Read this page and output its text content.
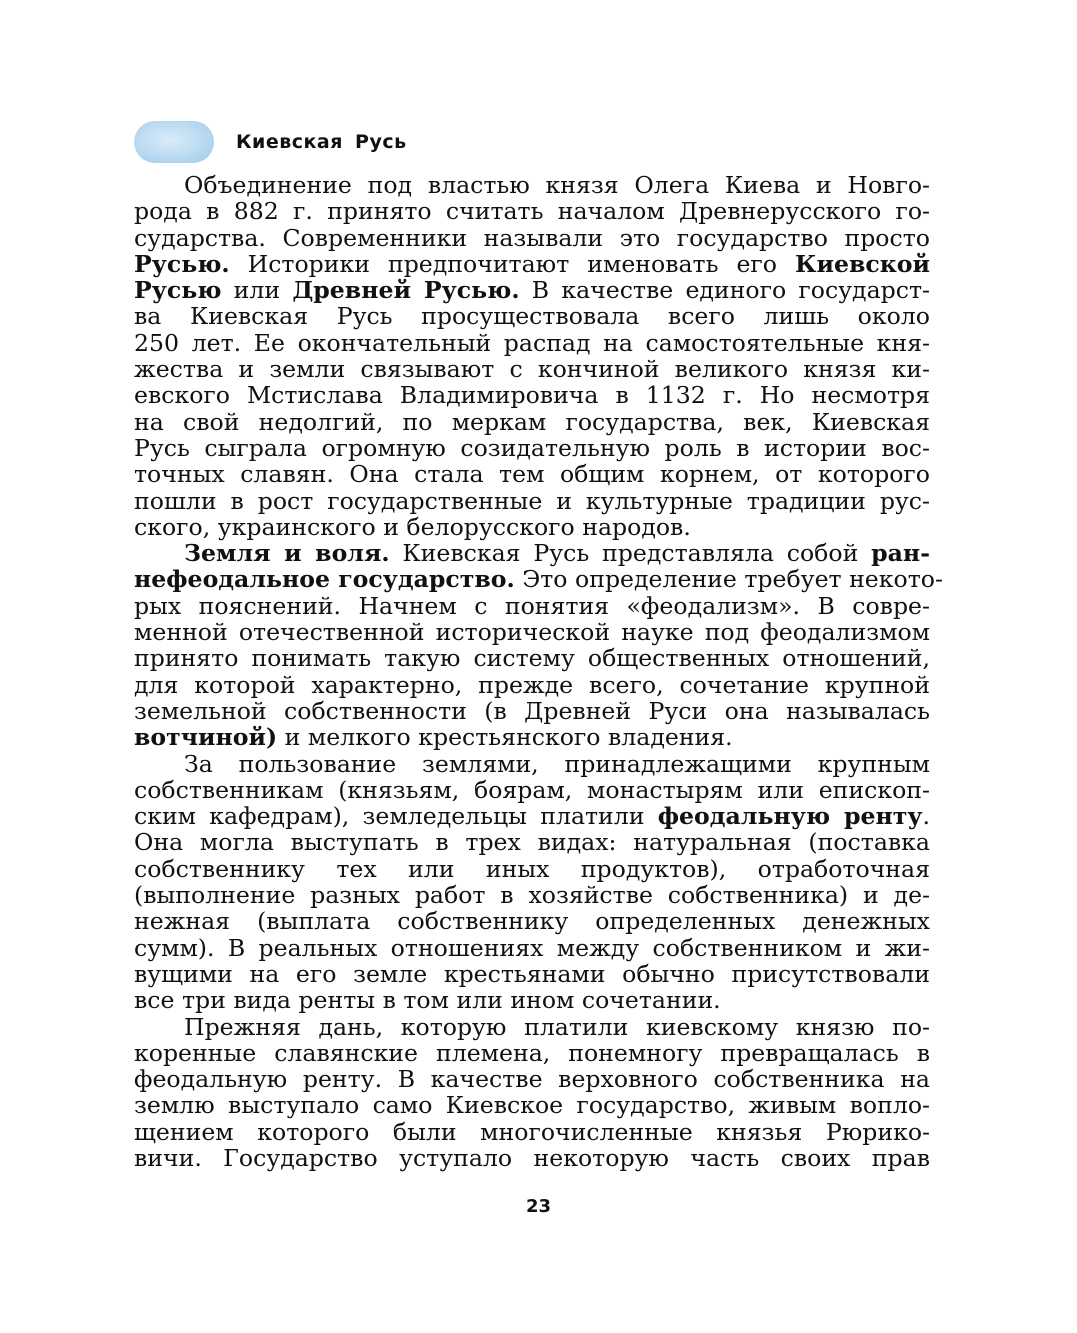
Киевская Русь
Объединение под властью князя Олега Киева и Новго-
рода в 882 г. принято считать началом Древнерусского го-
сударства. Современники называли это государство просто
Русью. Историки предпочитают именовать его Киевской
Русью или Древней Русью. В качестве единого государст-
ва Киевская Русь просуществовала всего лишь около
250 лет. Ее окончательный распад на самостоятельные кня-
жества и земли связывают с кончиной великого князя ки-
евского Мстислава Владимировича в 1132 г. Но несмотря
на свой недолгий, по меркам государства, век, Киевская
Русь сыграла огромную созидательную роль в истории вос-
точных славян. Она стала тем общим корнем, от которого
пошли в рост государственные и культурные традиции рус-
ского, украинского и белорусского народов.
Земля и воля. Киевская Русь представляла собой ран-
нефеодальное государство. Это определение требует некото-
рых пояснений. Начнем с понятия «феодализм». В совре-
менной отечественной исторической науке под феодализмом
принято понимать такую систему общественных отношений,
для которой характерно, прежде всего, сочетание крупной
земельной собственности (в Древней Руси она называлась
вотчиной) и мелкого крестьянского владения.
За пользование землями, принадлежащими крупным
собственникам (князьям, боярам, монастырям или епископ-
ским кафедрам), земледельцы платили феодальную ренту.
Она могла выступать в трех видах: натуральная (поставка
собственнику тех или иных продуктов), отработочная
(выполнение разных работ в хозяйстве собственника) и де-
нежная (выплата собственнику определенных денежных
сумм). В реальных отношениях между собственником и жи-
вущими на его земле крестьянами обычно присутствовали
все три вида ренты в том или ином сочетании.
Прежняя дань, которую платили киевскому князю по-
коренные славянские племена, понемногу превращалась в
феодальную ренту. В качестве верховного собственника на
землю выступало само Киевское государство, живым вопло-
щением которого были многочисленные князья Рюрико-
вичи. Государство уступало некоторую часть своих прав
23
